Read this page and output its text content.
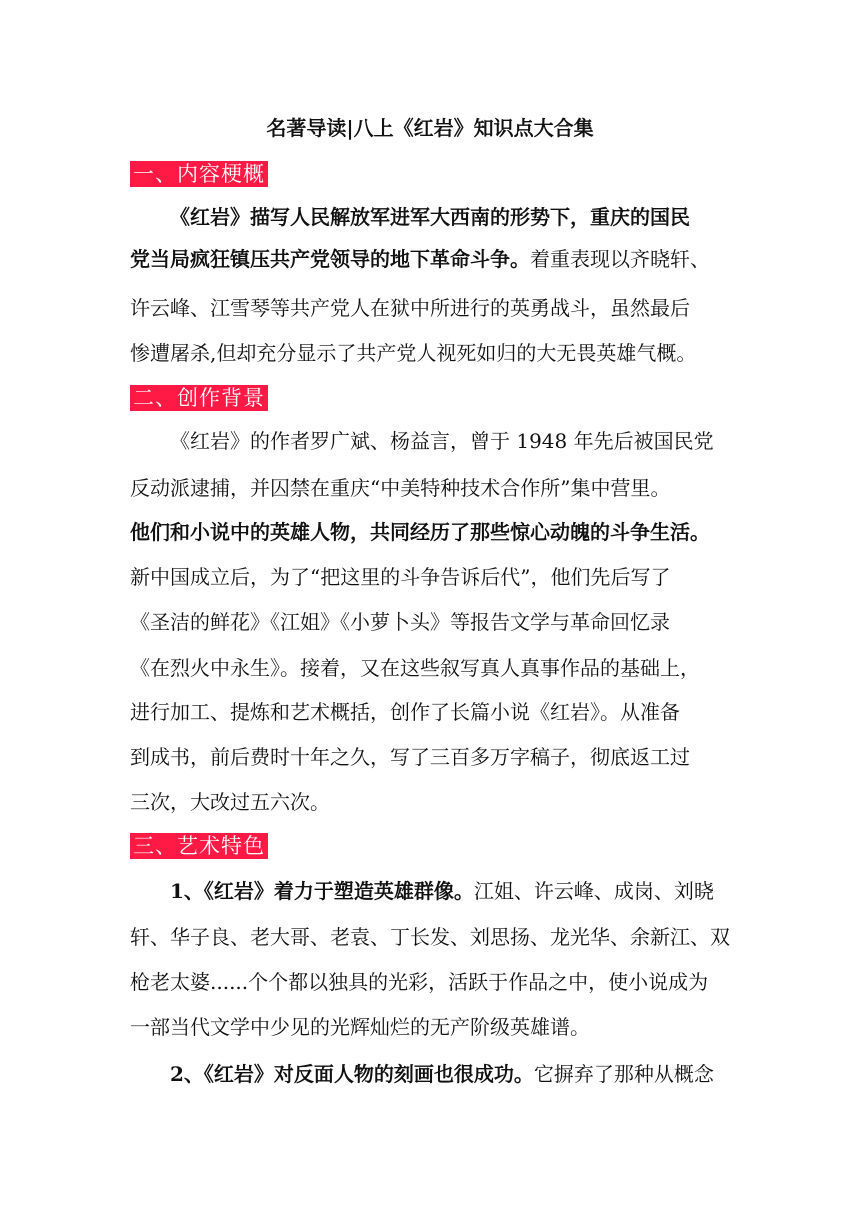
名著导读|八上《红岩》知识点大合集
一、内容梗概
《红岩》描写人民解放军进军大西南的形势下，重庆的国民
党当局疯狂镇压共产党领导的地下革命斗争。着重表现以齐晓轩、
许云峰、江雪琴等共产党人在狱中所进行的英勇战斗，虽然最后
惨遭屠杀,但却充分显示了共产党人视死如归的大无畏英雄气概。
二、创作背景
《红岩》的作者罗广斌、杨益言，曾于 1948 年先后被国民党
反动派逮捕，并囚禁在重庆“中美特种技术合作所”集中营里。
他们和小说中的英雄人物，共同经历了那些惊心动魄的斗争生活。
新中国成立后，为了“把这里的斗争告诉后代”，他们先后写了
《圣洁的鲜花》《江姐》《小萝卜头》等报告文学与革命回忆录
《在烈火中永生》。接着，又在这些叙写真人真事作品的基础上，
进行加工、提炼和艺术概括，创作了长篇小说《红岩》。从准备
到成书，前后费时十年之久，写了三百多万字稿子，彻底返工过
三次，大改过五六次。
三、艺术特色
1、《红岩》着力于塑造英雄群像。江姐、许云峰、成岗、刘晓
轩、华子良、老大哥、老袁、丁长发、刘思扬、龙光华、余新江、双
枪老太婆......个个都以独具的光彩，活跃于作品之中，使小说成为
一部当代文学中少见的光辉灿烂的无产阶级英雄谱。
2、《红岩》对反面人物的刻画也很成功。它摒弃了那种从概念
